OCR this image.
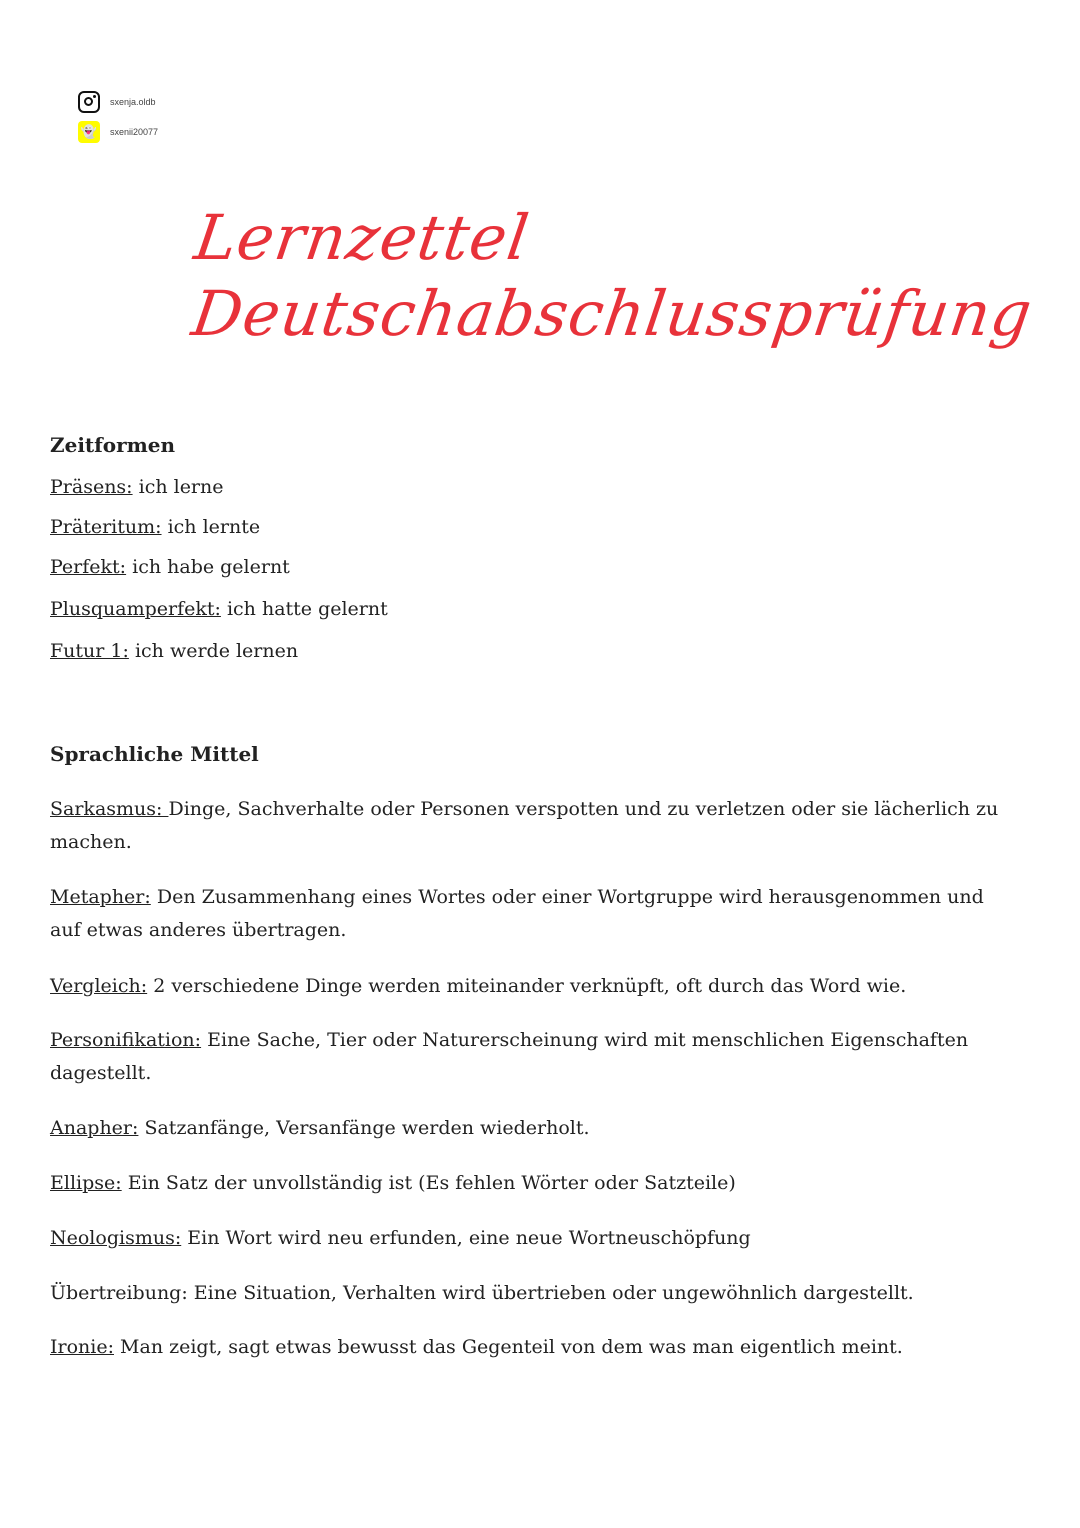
sxenja.oldb
👻	sxenii20077
Lernzettel
Deutschabschlussprüfung
Zeitformen
Präsens: ich lerne
Präteritum: ich lernte
Perfekt: ich habe gelernt
Plusquamperfekt: ich hatte gelernt
Futur 1: ich werde lernen
Sprachliche Mittel
Sarkasmus: Dinge, Sachverhalte oder Personen verspotten und zu verletzen oder sie lächerlich zu machen.
Metapher: Den Zusammenhang eines Wortes oder einer Wortgruppe wird herausgenommen und auf etwas anderes übertragen.
Vergleich: 2 verschiedene Dinge werden miteinander verknüpft, oft durch das Word wie.
Personifikation: Eine Sache, Tier oder Naturerscheinung wird mit menschlichen Eigenschaften dagestellt.
Anapher: Satzanfänge, Versanfänge werden wiederholt.
Ellipse: Ein Satz der unvollständig ist (Es fehlen Wörter oder Satzteile)
Neologismus: Ein Wort wird neu erfunden, eine neue Wortneuschöpfung
Übertreibung: Eine Situation, Verhalten wird übertrieben oder ungewöhnlich dargestellt.
Ironie: Man zeigt, sagt etwas bewusst das Gegenteil von dem was man eigentlich meint.
